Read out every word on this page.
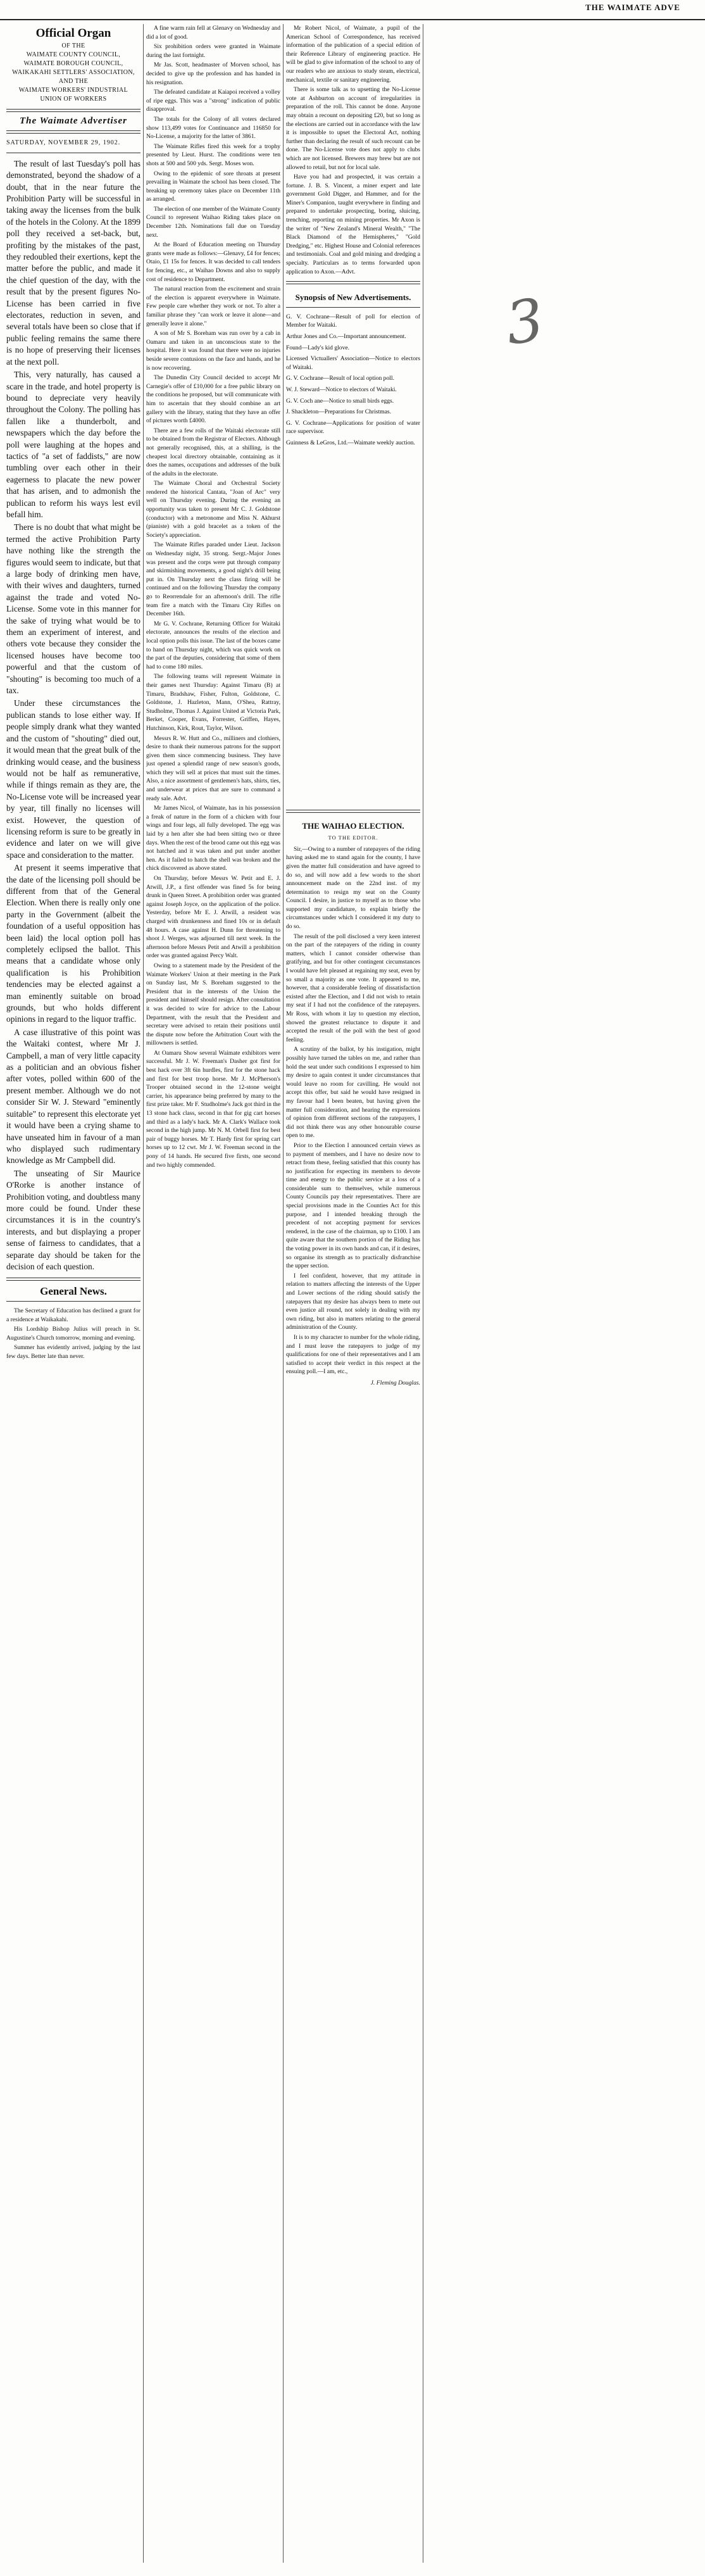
THE WAIMATE ADVE
Official Organ
OF THE
WAIMATE COUNTY COUNCIL,
WAIMATE BOROUGH COUNCIL,
WAIKAKAHI SETTLERS' ASSOCIATION,
AND THE
WAIMATE WORKERS' INDUSTRIAL
UNION OF WORKERS
The Waimate Advertiser
SATURDAY, NOVEMBER 29, 1902.

The result of last Tuesday's poll has demonstrated, beyond the shadow of a doubt, that in the near future the Prohibition Party will be successful in taking away the licenses from the bulk of the hotels in the Colony. At the 1899 poll they received a set-back, but, profiting by the mistakes of the past, they redoubled their exertions, kept the matter before the public, and made it the chief question of the day, with the result that by the present figures No-License has been carried in five electorates, reduction in seven, and several totals have been so close that if public feeling remains the same there is no hope of preserving their licenses at the next poll.

This, very naturally, has caused a scare in the trade, and hotel property is bound to depreciate very heavily throughout the Colony. The polling has fallen like a thunderbolt, and newspapers which the day before the poll were laughing at the hopes and tactics of "a set of faddists," are now tumbling over each other in their eagerness to placate the new power that has arisen, and to admonish the publican to reform his ways lest evil befall him.

There is no doubt that what might be termed the active Prohibition Party have nothing like the strength the figures would seem to indicate, but that a large body of drinking men have, with their wives and daughters, turned against the trade and voted No-License. Some vote in this manner for the sake of trying what would be to them an experiment of interest, and others vote because they consider the licensed houses have become too powerful and that the custom of "shouting" is becoming too much of a tax.

Under these circumstances the publican stands to lose either way. If people simply drank what they wanted and the custom of "shouting" died out, it would mean that the great bulk of the drinking would cease, and the business would not be half as remunerative, while if things remain as they are, the No-License vote will be increased year by year, till finally no licenses will exist. However, the question of licensing reform is sure to be greatly in evidence and later on we will give space and consideration to the matter.

At present it seems imperative that the date of the licensing poll should be different from that of the General Election. When there is really only one party in the Government (albeit the foundation of a useful opposition has been laid) the local option poll has completely eclipsed the ballot. This means that a candidate whose only qualification is his Prohibition tendencies may be elected against a man eminently suitable on broad grounds, but who holds different opinions in regard to the liquor traffic.

A case illustrative of this point was the Waitaki contest, where Mr J. Campbell, a man of very little capacity as a politician and an obvious fisher after votes, polled within 600 of the present member. Although we do not consider Sir W. J. Steward "eminently suitable" to represent this electorate yet it would have been a crying shame to have unseated him in favour of a man who displayed such rudimentary knowledge as Mr Campbell did.

The unseating of Sir Maurice O'Rorke is another instance of Prohibition voting, and doubtless many more could be found. Under these circumstances it is in the country's interests, and but displaying a proper sense of fairness to candidates, that a separate day should be taken for the decision of each question.

General News.

The Secretary of Education has declined a grant for a residence at Waikakahi.

His Lordship Bishop Julius will preach in St. Augustine's Church tomorrow, morning and evening.

Summer has evidently arrived, judging by the last few days. Better late than never.

A fine warm rain fell at Glenavy on Wednesday and did a lot of good.

Six prohibition orders were granted in Waimate during the last fortnight.

Mr Jas. Scott, headmaster of Morven school, has decided to give up the profession and has handed in his resignation.

The defeated candidate at Kaiapoi received a volley of ripe eggs. This was a "strong" indication of public disapproval.

The totals for the Colony of all voters declared show 113,499 votes for Continuance and 116850 for No-License, a majority for the latter of 3861.

The Waimate Rifles fired this week for a trophy presented by Lieut. Hurst. The conditions were ten shots at 500 and 500 yds. Sergt. Moses won.

Owing to the epidemic of sore throats at present prevailing in Waimate the school has been closed. The breaking up ceremony takes place on December 11th as arranged.

The election of one member of the Waimate County Council to represent Waihao Riding takes place on December 12th. Nominations fall due on Tuesday next.

At the Board of Education meeting on Thursday grants were made as follows:—Glenavy, £4 for fences; Otaio, £1 15s for fences. It was decided to call tenders for fencing, etc., at Waihao Downs and also to supply cost of residence to Department.

The natural reaction from the excitement and strain of the election is apparent everywhere in Waimate. Few people care whether they work or not. To alter a familiar phrase they "can work or leave it alone—and generally leave it alone."

A son of Mr S. Boreham was run over by a cab in Oamaru and taken in an unconscious state to the hospital. Here it was found that there were no injuries beside severe contusions on the face and hands, and he is now recovering.

The Dunedin City Council decided to accept Mr Carnegie's offer of £10,000 for a free public library on the conditions he proposed, but will communicate with him to ascertain that they should combine an art gallery with the library, stating that they have an offer of pictures worth £4000.

There are a few rolls of the Waitaki electorate still to be obtained from the Registrar of Electors. Although not generally recognised, this, at a shilling, is the cheapest local directory obtainable, containing as it does the names, occupations and addresses of the bulk of the adults in the electorate.

The Waimate Choral and Orchestral Society rendered the historical Cantata, "Joan of Arc" very well on Thursday evening. During the evening an opportunity was taken to present Mr C. J. Goldstone (conductor) with a metronome and Miss N. Akhurst (pianiste) with a gold bracelet as a token of the Society's appreciation.

The Waimate Rifles paraded under Lieut. Jackson on Wednesday night, 35 strong. Sergt.-Major Jones was present and the corps were put through company and skirmishing movements, a good night's drill being put in. On Thursday next the class firing will be continued and on the following Thursday the company go to Reorrendale for an afternoon's drill. The rifle team fire a match with the Timaru City Rifles on December 16th.

Mr G. V. Cochrane, Returning Officer for Waitaki electorate, announces the results of the election and local option polls this issue. The last of the boxes came to hand on Thursday night, which was quick work on the part of the deputies, considering that some of them had to come 180 miles.

The following teams will represent Waimate in their games next Thursday: Against Timaru (B) at Timaru, Bradshaw, Fisher, Fulton, Goldstone, C. Goldstone, J. Hazleton, Mann, O'Shea, Rattray, Studholme, Thomas J. Against United at Victoria Park, Berket, Cooper, Evans, Forrester, Griffen, Hayes, Hutchinson, Kirk, Rout, Taylor, Wilson.

Messrs R. W. Hutt and Co., milliners and clothiers, desire to thank their numerous patrons for the support given them since commencing business. They have just opened a splendid range of new season's goods, which they will sell at prices that must suit the times. Also, a nice assortment of gentlemen's hats, shirts, ties, and underwear at prices that are sure to command a ready sale. Advt.

Mr James Nicol, of Waimate, has in his possession a freak of nature in the form of a chicken with four wings and four legs, all fully developed. The egg was laid by a hen after she had been sitting two or three days. When the rest of the brood came out this egg was not hatched and it was taken and put under another hen. As it failed to hatch the shell was broken and the chick discovered as above stated.

On Thursday, before Messrs W. Petit and E. J. Atwill, J.P., a first offender was fined 5s for being drunk in Queen Street. A prohibition order was granted against Joseph Joyce, on the application of the police. Yesterday, before Mr E. J. Atwill, a resident was charged with drunkenness and fined 10s or in default 48 hours. A case against H. Dunn for threatening to shoot J. Werges, was adjourned till next week. In the afternoon before Messrs Petit and Atwill a prohibition order was granted against Percy Walt.

Owing to a statement made by the President of the Waimate Workers' Union at their meeting in the Park on Sunday last, Mr S. Boreham suggested to the President that in the interests of the Union the president and himself should resign. After consultation it was decided to wire for advice to the Labour Department, with the result that the President and secretary were advised to retain their positions until the dispute now before the Arbitration Court with the millowners is settled.

At Oamaru Show several Waimate exhibitors were successful. Mr J. W. Freeman's Dasher got first for best hack over 3ft 6in hurdles, first for the stone hack and first for best troop horse. Mr J. McPherson's Trooper obtained second in the 12-stone weight carrier, his appearance being preferred by many to the first prize taker. Mr F. Studholme's Jack got third in the 13 stone hack class, second in that for gig cart horses and third as a lady's hack. Mr A. Clark's Wallace took second in the high jump. Mr N. M. Orbell first for best pair of buggy horses. Mr T. Hardy first for spring cart horses up to 12 cwt. Mr J. W. Freeman second in the pony of 14 hands. He secured five firsts, one second and two highly commended.

Mr Robert Nicol, of Waimate, a pupil of the American School of Correspondence, has received information of the publication of a special edition of their Reference Library of engineering practice. He will be glad to give information of the school to any of our readers who are anxious to study steam, electrical, mechanical, textile or sanitary engineering.

There is some talk as to upsetting the No-License vote at Ashburton on account of irregularities in preparation of the roll. This cannot be done. Anyone may obtain a recount on depositing £20, but so long as the elections are carried out in accordance with the law it is impossible to upset the Electoral Act, nothing further than declaring the result of such recount can be done. The No-License vote does not apply to clubs which are not licensed. Brewers may brew but are not allowed to retail, but not for local sale.

Have you had and prospected, it was certain a fortune. J. B. S. Vincent, a miner expert and late government Gold Digger, and Hammer, and for the Miner's Companion, taught everywhere in finding and prepared to undertake prospecting, boring, sluicing, trenching, reporting on mining properties. Mr Axon is the writer of "New Zealand's Mineral Wealth," "The Black Diamond of the Hemispheres," "Gold Dredging," etc. Highest House and Colonial references and testimonials. Coal and gold mining and dredging a specialty. Particulars as to terms forwarded upon application to Axon.—Advt.

Synopsis of New Advertisements.

G. V. Cochrane—Result of poll for election of Member for Waitaki.

Arthur Jones and Co.—Important announcement.

Found—Lady's kid glove.

Licensed Victuallers' Association—Notice to electors of Waitaki.

G. V. Cochrane—Result of local option poll.

W. J. Steward—Notice to electors of Waitaki.

G. V. Coch ane—Notice to small birds eggs.

J. Shackleton—Preparations for Christmas.

G. V. Cochrane—Applications for position of water race supervisor.

Guinness & LeGros, Ltd.—Waimate weekly auction.

THE WAIHAO ELECTION.
TO THE EDITOR.

Sir,—Owing to a number of ratepayers of the riding having asked me to stand again for the county, I have given the matter full consideration and have agreed to do so, and will now add a few words to the short announcement made on the 22nd inst. of my determination to resign my seat on the County Council. I desire, in justice to myself as to those who supported my candidature, to explain briefly the circumstances under which I considered it my duty to do so.

The result of the poll disclosed a very keen interest on the part of the ratepayers of the riding in county matters, which I cannot consider otherwise than gratifying, and but for other contingent circumstances I would have felt pleased at regaining my seat, even by so small a majority as one vote. It appeared to me, however, that a considerable feeling of dissatisfaction existed after the Election, and I did not wish to retain my seat if I had not the confidence of the ratepayers. Mr Ross, with whom it lay to question my election, showed the greatest reluctance to dispute it and accepted the result of the poll with the best of good feeling.

A scrutiny of the ballot, by his instigation, might possibly have turned the tables on me, and rather than hold the seat under such conditions I expressed to him my desire to again contest it under circumstances that would leave no room for cavilling. He would not accept this offer, but said he would have resigned in my favour had I been beaten, but having given the matter full consideration, and hearing the expressions of opinion from different sections of the ratepayers, I did not think there was any other honourable course open to me.

Prior to the Election I announced certain views as to payment of members, and I have no desire now to retract from these, feeling satisfied that this county has no justification for expecting its members to devote time and energy to the public service at a loss of a considerable sum to themselves, while numerous County Councils pay their representatives. There are special provisions made in the Counties Act for this purpose, and I intended breaking through the precedent of not accepting payment for services rendered, in the case of the chairman, up to £100. I am quite aware that the southern portion of the Riding has the voting power in its own hands and can, if it desires, so organise its strength as to practically disfranchise the upper section.

I feel confident, however, that my attitude in relation to matters affecting the interests of the Upper and Lower sections of the riding should satisfy the ratepayers that my desire has always been to mete out even justice all round, not solely in dealing with my own riding, but also in matters relating to the general administration of the County.

It is to my character to number for the whole riding, and I must leave the ratepayers to judge of my qualifications for one of their representatives and I am satisfied to accept their verdict in this respect at the ensuing poll.—I am, etc.,

J. Fleming Douglas.
3
